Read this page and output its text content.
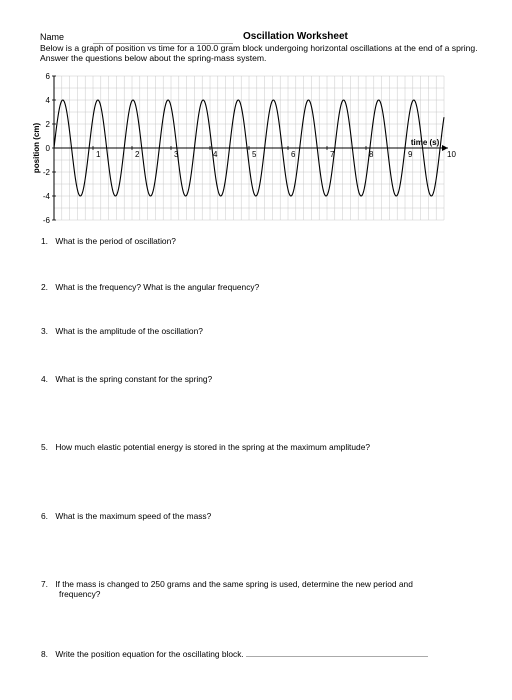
Name	Oscillation Worksheet
Below is a graph of position vs time for a 100.0 gram block undergoing horizontal oscillations at the end of a spring. Answer the questions below about the spring-mass system.
6
4
2
0
-2
-4
-6
1	2	3	4	5	6	7	8	9	10
time (s)
position (cm)
1. What is the period of oscillation?
2. What is the frequency? What is the angular frequency?
3. What is the amplitude of the oscillation?
4. What is the spring constant for the spring?
5. How much elastic potential energy is stored in the spring at the maximum amplitude?
6. What is the maximum speed of the mass?
7. If the mass is changed to 250 grams and the same spring is used, determine the new period and
frequency?
8. Write the position equation for the oscillating block.
